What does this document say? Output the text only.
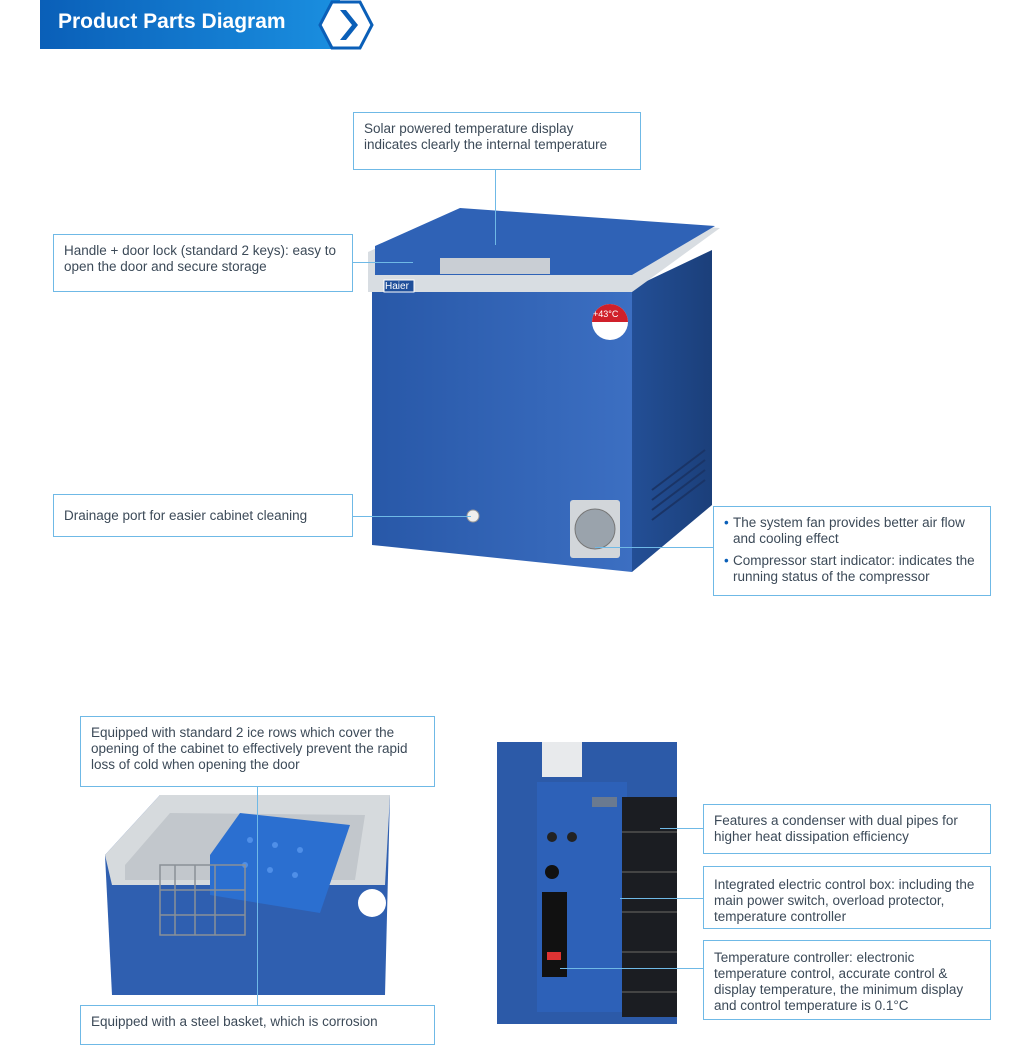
Product Parts Diagram
Haier
+43°C
Solar powered temperature display indicates clearly the internal temperature
Handle + door lock (standard 2 keys): easy to open the door and secure storage
Drainage port for easier cabinet cleaning
•	The system fan provides better air flow and cooling effect
• Compressor start indicator: indicates the running status of the compressor
Equipped with standard 2 ice rows which cover the opening of the cabinet to effectively prevent the rapid loss of cold when opening the door
Equipped with a steel basket, which is corrosion
Features a condenser with dual pipes for higher heat dissipation efficiency
Integrated electric control box: including the main power switch, overload protector, temperature controller
Temperature controller: electronic temperature control, accurate control & display temperature, the minimum display and control temperature is 0.1°C
